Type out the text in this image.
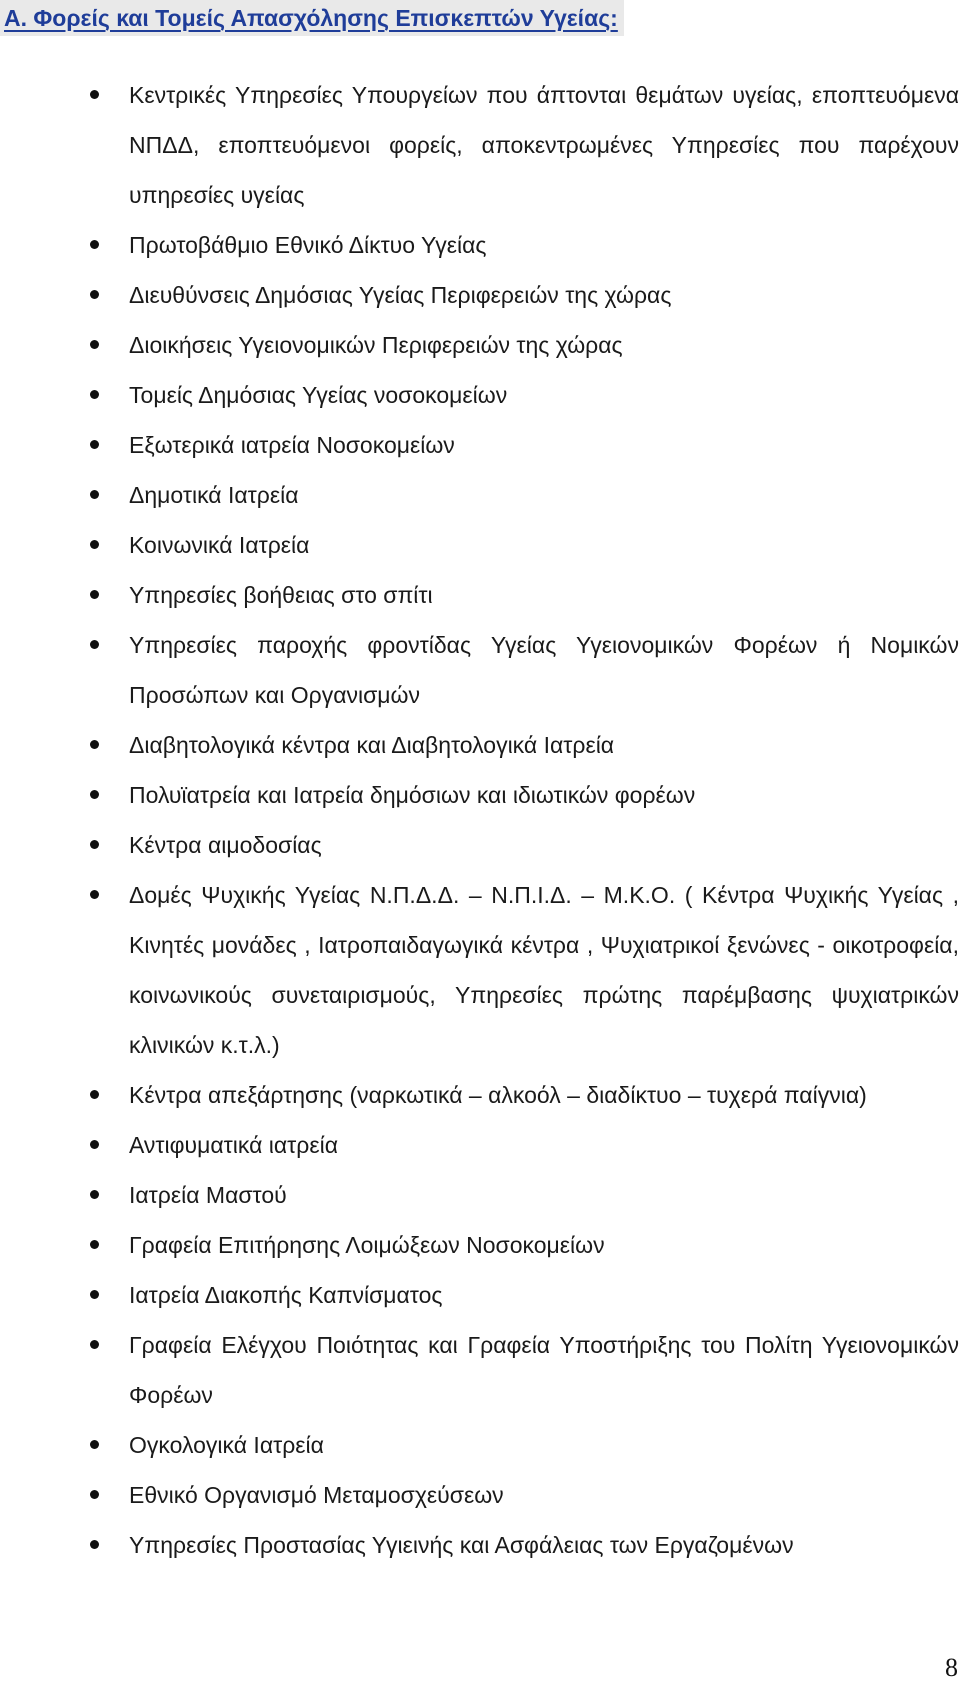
Α. Φορείς και Τομείς Απασχόλησης Επισκεπτών Υγείας:
Κεντρικές Υπηρεσίες Υπουργείων που άπτονται θεμάτων υγείας, εποπτευόμενα ΝΠΔΔ, εποπτευόμενοι φορείς, αποκεντρωμένες Υπηρεσίες που παρέχουν υπηρεσίες υγείας
Πρωτοβάθμιο Εθνικό Δίκτυο Υγείας
Διευθύνσεις Δημόσιας Υγείας Περιφερειών της χώρας
Διοικήσεις Υγειονομικών Περιφερειών της χώρας
Τομείς Δημόσιας Υγείας νοσοκομείων
Εξωτερικά ιατρεία Νοσοκομείων
Δημοτικά Ιατρεία
Κοινωνικά Ιατρεία
Υπηρεσίες βοήθειας στο σπίτι
Υπηρεσίες παροχής φροντίδας Υγείας Υγειονομικών Φορέων ή Νομικών Προσώπων και Οργανισμών
Διαβητολογικά κέντρα και Διαβητολογικά Ιατρεία
Πολυϊατρεία και Ιατρεία δημόσιων και ιδιωτικών φορέων
Κέντρα αιμοδοσίας
Δομές Ψυχικής Υγείας Ν.Π.Δ.Δ. – Ν.Π.Ι.Δ. – Μ.Κ.Ο. ( Κέντρα Ψυχικής Υγείας , Κινητές μονάδες , Ιατροπαιδαγωγικά κέντρα , Ψυχιατρικοί ξενώνες - οικοτροφεία, κοινωνικούς συνεταιρισμούς, Υπηρεσίες πρώτης παρέμβασης ψυχιατρικών κλινικών κ.τ.λ.)
Κέντρα απεξάρτησης (ναρκωτικά – αλκοόλ – διαδίκτυο – τυχερά παίγνια)
Αντιφυματικά ιατρεία
Ιατρεία Μαστού
Γραφεία Επιτήρησης Λοιμώξεων Νοσοκομείων
Ιατρεία Διακοπής Καπνίσματος
Γραφεία Ελέγχου Ποιότητας και Γραφεία Υποστήριξης του Πολίτη Υγειονομικών Φορέων
Ογκολογικά Ιατρεία
Εθνικό Οργανισμό Μεταμοσχεύσεων
Υπηρεσίες Προστασίας Υγιεινής και Ασφάλειας των Εργαζομένων
8
